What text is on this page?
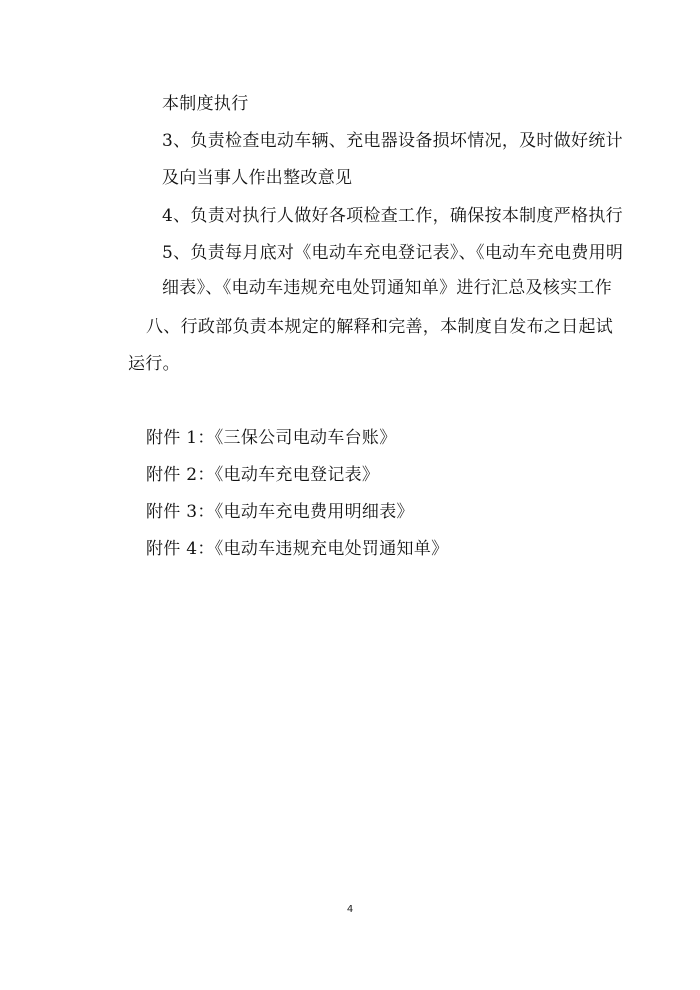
本制度执行
3、负责检查电动车辆、充电器设备损坏情况，及时做好统计
及向当事人作出整改意见
4、负责对执行人做好各项检查工作，确保按本制度严格执行
5、负责每月底对《电动车充电登记表》、《电动车充电费用明
细表》、《电动车违规充电处罚通知单》进行汇总及核实工作
八、行政部负责本规定的解释和完善，本制度自发布之日起试
运行。
附件 1：《三保公司电动车台账》
附件 2：《电动车充电登记表》
附件 3：《电动车充电费用明细表》
附件 4：《电动车违规充电处罚通知单》
4
